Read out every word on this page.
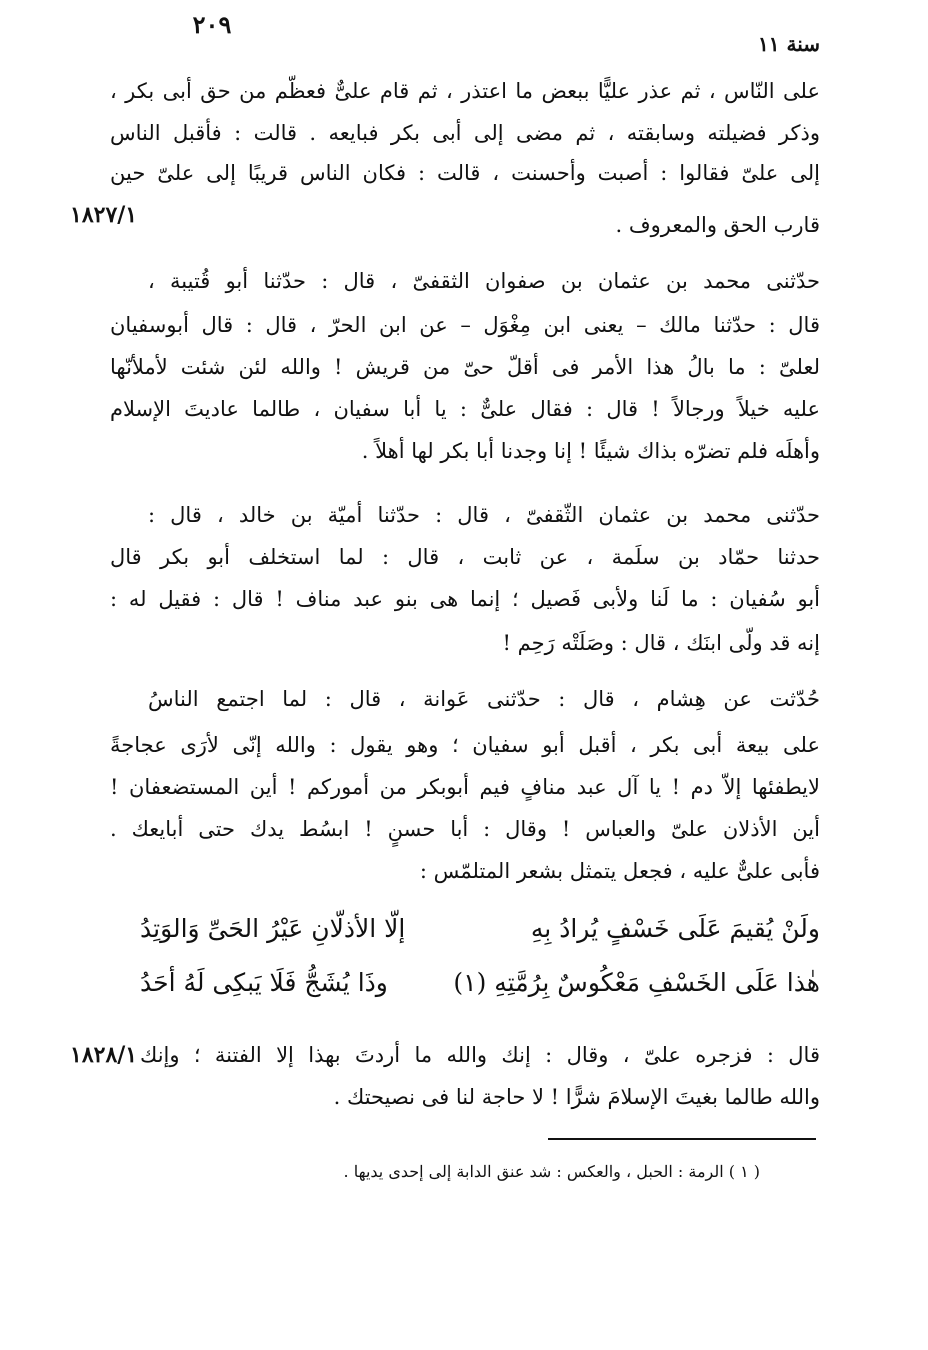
٢٠٩
سنة ١١
على النّاس ، ثم عذر عليًّا ببعض ما اعتذر ، ثم قام علىٌّ فعظّم من حق أبى بكر ،
وذكر فضيلته وسابقته ، ثم مضى إلى أبى بكر فبايعه . قالت : فأقبل الناس
إلى علىّ فقالوا : أصبت وأحسنت ، قالت : فكان الناس قريبًا إلى علىّ حين
قارب الحق والمعروف .
١٨٢٧/١
حدّثنى محمد بن عثمان بن صفوان الثقفىّ ، قال : حدّثنا أبو قُتيبة ،
قال : حدّثنا مالك – يعنى ابن مِغْوَل – عن ابن الحرّ ، قال : قال أبوسفيان
لعلىّ : ما بالُ هذا الأمر فى أقلّ حىّ من قريش ! والله لئن شئت لأملأنّها
عليه خيلاً ورجالاً ! قال : فقال علىٌّ : يا أبا سفيان ، طالما عاديتَ الإسلام
وأهلَه فلم تضرّه بذاك شيئًا ! إنا وجدنا أبا بكر لها أهلاً .
حدّثنى محمد بن عثمان الثّقفىّ ، قال : حدّثنا أميّة بن خالد ، قال :
حدثنا حمّاد بن سلَمة ، عن ثابت ، قال : لما استخلف أبو بكر قال
أبو سُفيان : ما لَنا ولأبى فَصيل ؛ إنما هى بنو عبد مناف ! قال : فقيل له :
إنه قد ولّى ابنَك ، قال : وصَلَتْه رَحِم !
حُدّثت عن هِشام ، قال : حدّثنى عَوانة ، قال : لما اجتمع الناسُ
على بيعة أبى بكر ، أقبل أبو سفيان ؛ وهو يقول : والله إنّى لأرَى عجاجةً
لايطفئها إلاّ دم ! يا آل عبد منافٍ فيم أبوبكر من أموركم ! أين المستضعفان !
أين الأذلان علىّ والعباس ! وقال : أبا حسنٍ ! ابسُط يدك حتى أبايعك .
فأبى علىٌّ عليه ، فجعل يتمثل بشعر المتلمّس :
ولَنْ يُقيمَ عَلَى خَسْفٍ يُرادُ بِهِ
إلّا الأذلّانِ عَيْرُ الحَىِّ وَالوَتِدُ
هٰذا عَلَى الخَسْفِ مَعْكُوسٌ بِرُمَّتِهِ (١)
وذَا يُشَجُّ فَلَا يَبكِى لَهُ أحَدُ
قال : فزجره علىّ ، وقال : إنك والله ما أردتَ بهذا إلا الفتنة ؛ وإنك
والله طالما بغيتَ الإسلامَ شرًّا ! لا حاجة لنا فى نصيحتك .
١٨٢٨/١
( ١ ) الرمة : الحبل ، والعكس : شد عنق الدابة إلى إحدى يديها .
